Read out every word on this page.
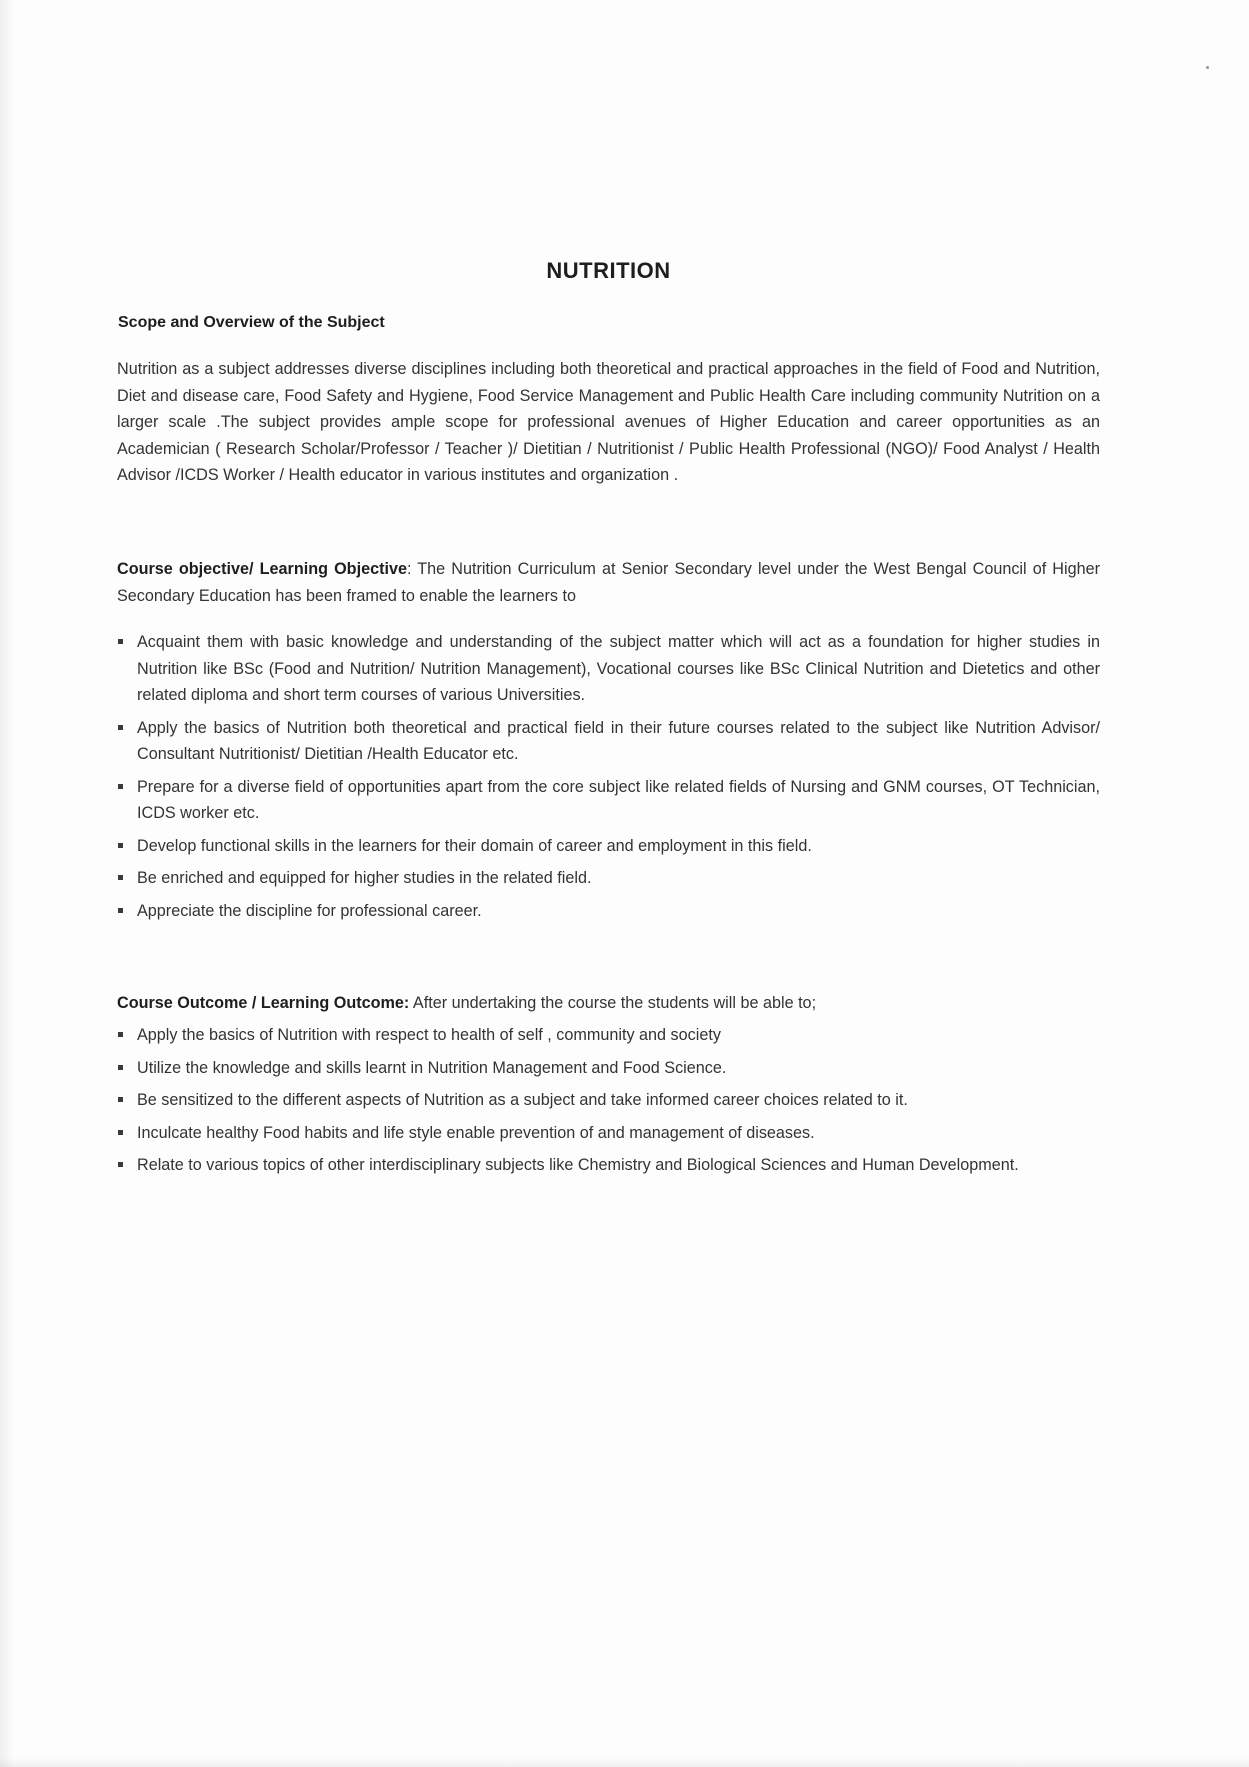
NUTRITION
Scope and Overview of the Subject
Nutrition as a subject addresses diverse disciplines including both theoretical and practical approaches in the field of Food and Nutrition, Diet and disease care, Food Safety and Hygiene, Food Service Management and Public Health Care including community Nutrition on a larger scale .The subject provides ample scope for professional avenues of Higher Education and career opportunities as an Academician ( Research Scholar/Professor / Teacher )/ Dietitian / Nutritionist / Public Health Professional (NGO)/ Food Analyst / Health Advisor /ICDS Worker / Health educator in various institutes and organization .
Course objective/ Learning Objective: The Nutrition Curriculum at Senior Secondary level under the West Bengal Council of Higher Secondary Education has been framed to enable the learners to
Acquaint them with basic knowledge and understanding of the subject matter which will act as a foundation for higher studies in Nutrition like BSc (Food and Nutrition/ Nutrition Management), Vocational courses like BSc Clinical Nutrition and Dietetics and other related diploma and short term courses of various Universities.
Apply the basics of Nutrition both theoretical and practical field in their future courses related to the subject like Nutrition Advisor/ Consultant Nutritionist/ Dietitian /Health Educator etc.
Prepare for a diverse field of opportunities apart from the core subject like related fields of Nursing and GNM courses, OT Technician, ICDS worker etc.
Develop functional skills in the learners for their domain of career and employment in this field.
Be enriched and equipped for higher studies in the related field.
Appreciate the discipline for professional career.
Course Outcome / Learning Outcome: After undertaking the course the students will be able to;
Apply the basics of Nutrition with respect to health of self , community and society
Utilize the knowledge and skills learnt in Nutrition Management and Food Science.
Be sensitized to the different aspects of Nutrition as a subject and take informed career choices related to it.
Inculcate healthy Food habits and life style enable prevention of and management of diseases.
Relate to various topics of other interdisciplinary subjects like Chemistry and Biological Sciences and Human Development.
